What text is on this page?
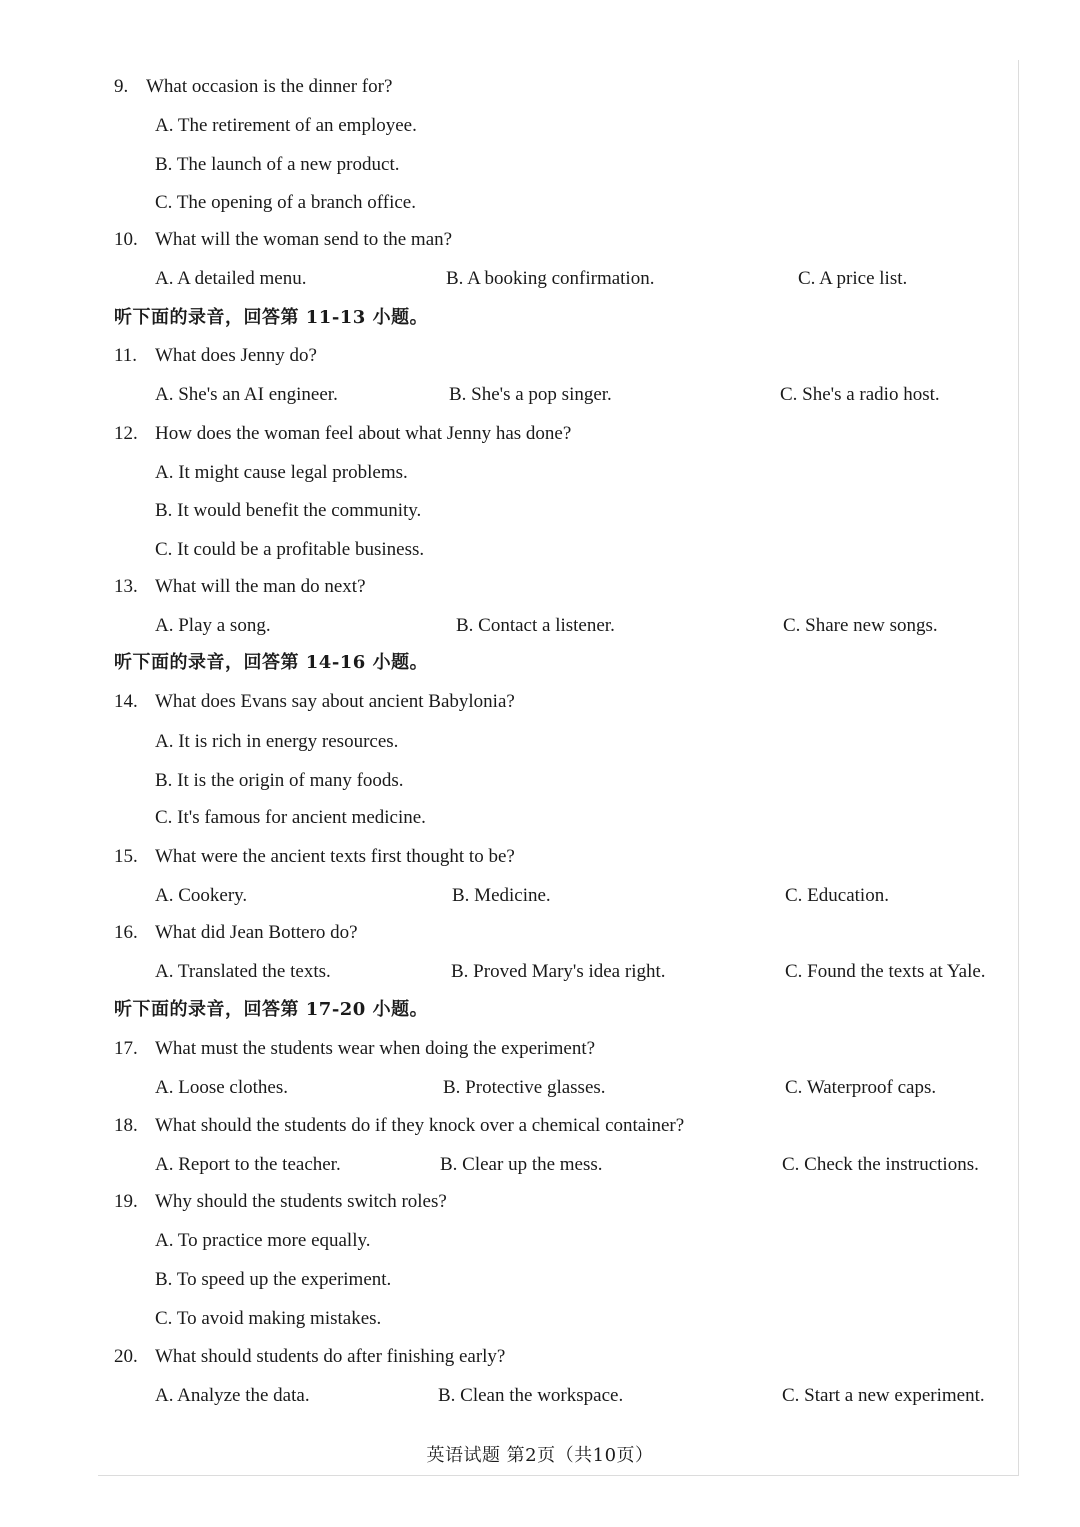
9. What occasion is the dinner for?
A. The retirement of an employee.
B. The launch of a new product.
C. The opening of a branch office.
10. What will the woman send to the man?
A. A detailed menu.	B. A booking confirmation.	C. A price list.
听下面的录音，回答第 11-13 小题。
11. What does Jenny do?
A. She's an AI engineer.	B. She's a pop singer.	C. She's a radio host.
12. How does the woman feel about what Jenny has done?
A. It might cause legal problems.
B. It would benefit the community.
C. It could be a profitable business.
13. What will the man do next?
A. Play a song.	B. Contact a listener.	C. Share new songs.
听下面的录音，回答第 14-16 小题。
14. What does Evans say about ancient Babylonia?
A. It is rich in energy resources.
B. It is the origin of many foods.
C. It's famous for ancient medicine.
15. What were the ancient texts first thought to be?
A. Cookery.	B. Medicine.	C. Education.
16. What did Jean Bottero do?
A. Translated the texts.	B. Proved Mary's idea right.	C. Found the texts at Yale.
听下面的录音，回答第 17-20 小题。
17. What must the students wear when doing the experiment?
A. Loose clothes.	B. Protective glasses.	C. Waterproof caps.
18. What should the students do if they knock over a chemical container?
A. Report to the teacher.	B. Clear up the mess.	C. Check the instructions.
19. Why should the students switch roles?
A. To practice more equally.
B. To speed up the experiment.
C. To avoid making mistakes.
20. What should students do after finishing early?
A. Analyze the data.	B. Clean the workspace.	C. Start a new experiment.
英语试题 第2页（共10页）
